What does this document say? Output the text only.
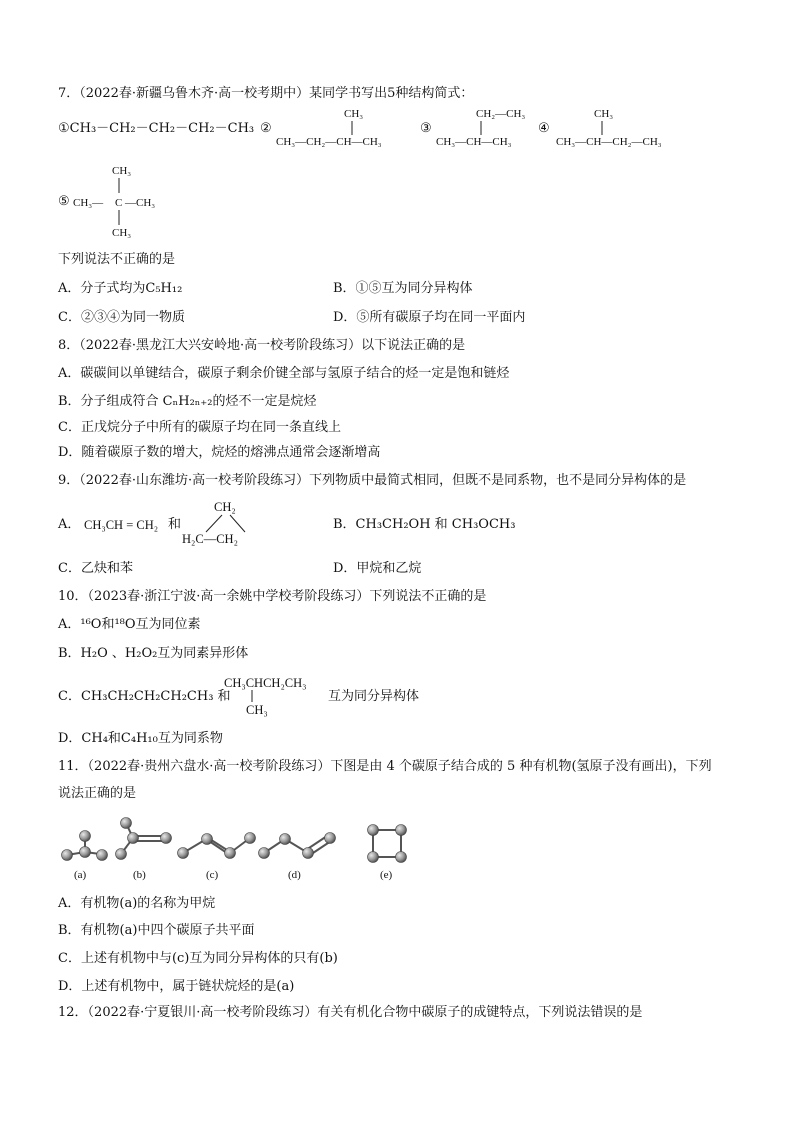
7．（2022春·新疆乌鲁木齐·高一校考期中）某同学书写出5种结构简式：
①CH₃－CH₂－CH₂－CH₂－CH₃ ②
CH₃
CH₃—CH₂—CH—CH₃
③
CH₂—CH₃
CH₃—CH—CH₃
④
CH₃
CH₃—CH—CH₂—CH₃
⑤
CH₃
CH₃— C —CH₃
CH₃
下列说法不正确的是
A．分子式均为C₅H₁₂	B．①⑤互为同分异构体
C．②③④为同一物质	D．⑤所有碳原子均在同一平面内
8．（2022春·黑龙江大兴安岭地·高一校考阶段练习）以下说法正确的是
A．碳碳间以单键结合，碳原子剩余价键全部与氢原子结合的烃一定是饱和链烃
B．分子组成符合 CₙH₂ₙ₊₂的烃不一定是烷烃
C．正戊烷分子中所有的碳原子均在同一条直线上
D．随着碳原子数的增大，烷烃的熔沸点通常会逐渐增高
9．（2022春·山东潍坊·高一校考阶段练习）下列物质中最简式相同，但既不是同系物，也不是同分异构体的是
A． CH₃CH = CH₂ 和
CH₂
H₂C—CH₂
B．CH₃CH₂OH 和 CH₃OCH₃
C．乙炔和苯	D．甲烷和乙烷
10．（2023春·浙江宁波·高一余姚中学校考阶段练习）下列说法不正确的是
A．¹⁶O和¹⁸O互为同位素
B．H₂O 、H₂O₂互为同素异形体
C．CH₃CH₂CH₂CH₂CH₃ 和
CH₃CHCH₂CH₃
CH₃
互为同分异构体
D．CH₄和C₄H₁₀互为同系物
11．（2022春·贵州六盘水·高一校考阶段练习）下图是由 4 个碳原子结合成的 5 种有机物(氢原子没有画出)，下列
说法正确的是
(a)	(b)	(c)	(d)	(e)
A．有机物(a)的名称为甲烷
B．有机物(a)中四个碳原子共平面
C．上述有机物中与(c)互为同分异构体的只有(b)
D．上述有机物中，属于链状烷烃的是(a)
12．（2022春·宁夏银川·高一校考阶段练习）有关有机化合物中碳原子的成键特点，下列说法错误的是
